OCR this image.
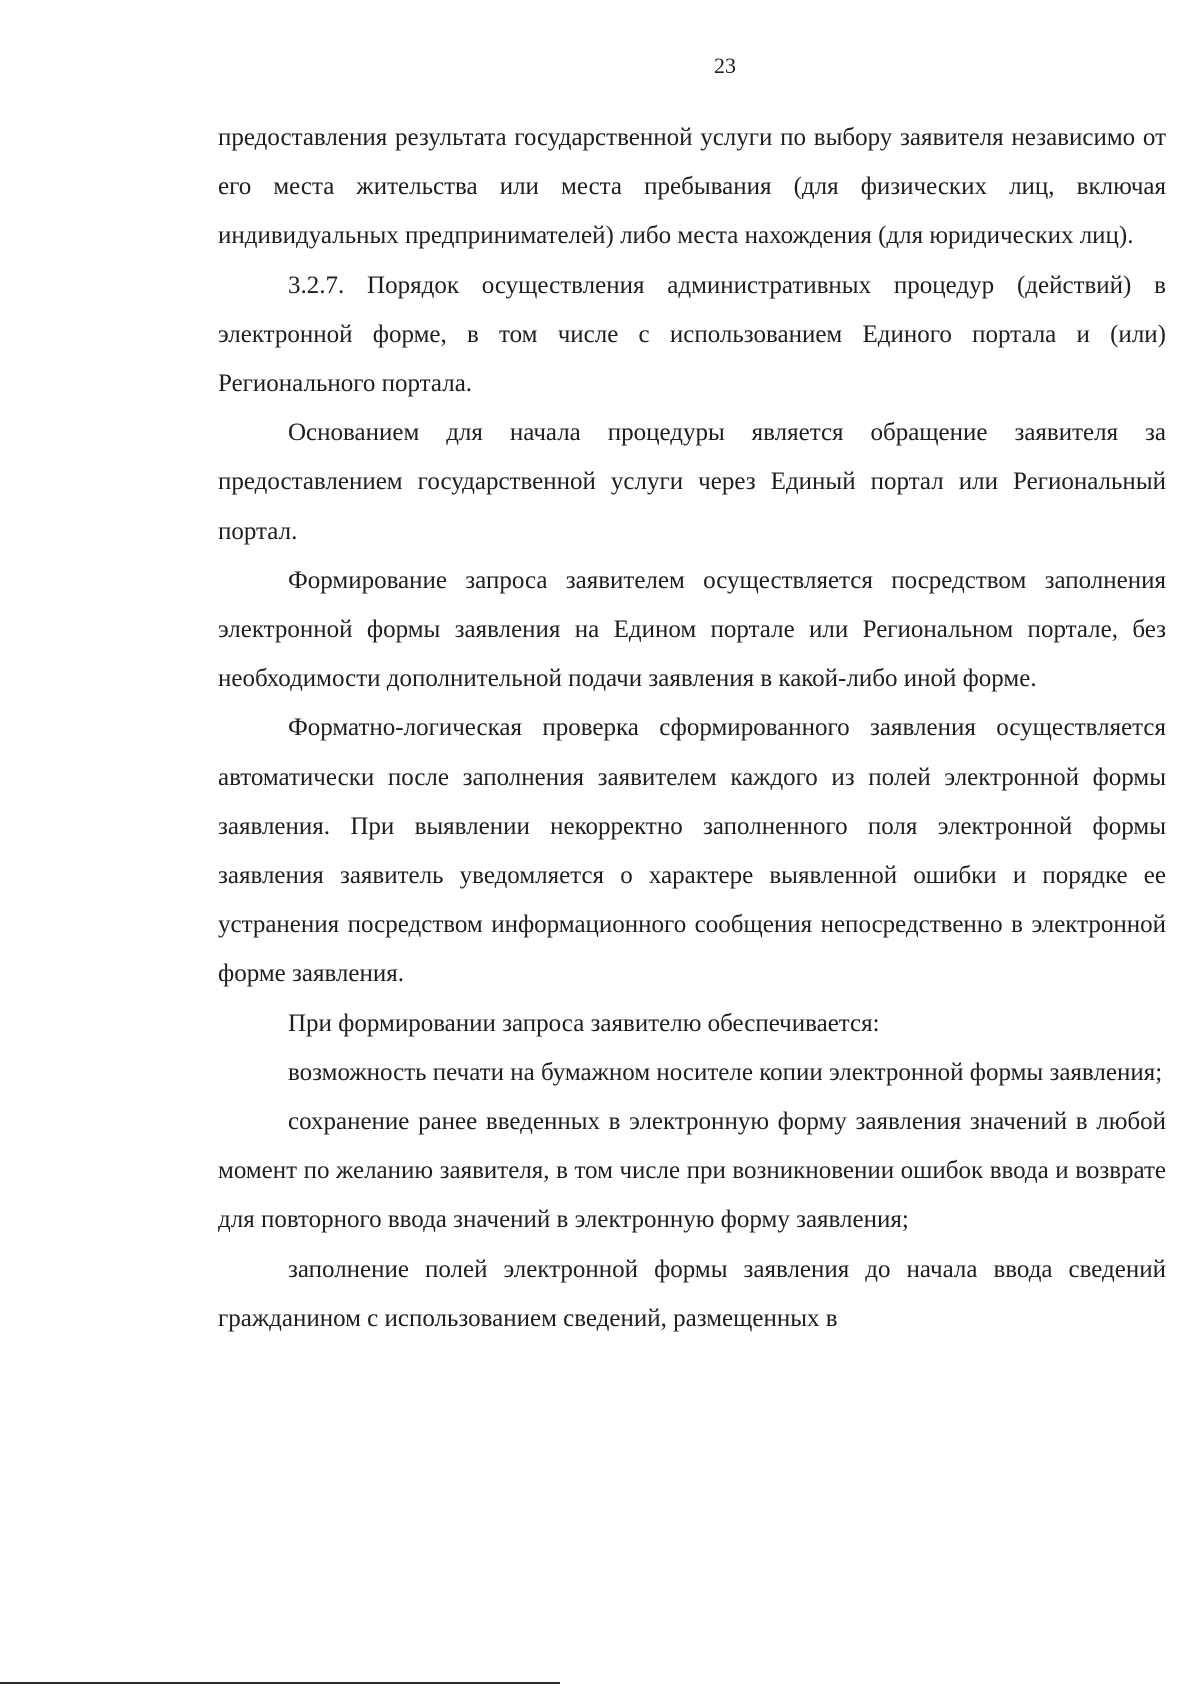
23

предоставления результата государственной услуги по выбору заявителя независимо от его места жительства или места пребывания (для физических лиц, включая индивидуальных предпринимателей) либо места нахождения (для юридических лиц).

3.2.7. Порядок осуществления административных процедур (действий) в электронной форме, в том числе с использованием Единого портала и (или) Регионального портала.

Основанием для начала процедуры является обращение заявителя за предоставлением государственной услуги через Единый портал или Региональный портал.

Формирование запроса заявителем осуществляется посредством заполнения электронной формы заявления на Едином портале или Региональном портале, без необходимости дополнительной подачи заявления в какой-либо иной форме.

Форматно-логическая проверка сформированного заявления осуществляется автоматически после заполнения заявителем каждого из полей электронной формы заявления. При выявлении некорректно заполненного поля электронной формы заявления заявитель уведомляется о характере выявленной ошибки и порядке ее устранения посредством информационного сообщения непосредственно в электронной форме заявления.

При формировании запроса заявителю обеспечивается:

возможность печати на бумажном носителе копии электронной формы заявления;

сохранение ранее введенных в электронную форму заявления значений в любой момент по желанию заявителя, в том числе при возникновении ошибок ввода и возврате для повторного ввода значений в электронную форму заявления;

заполнение полей электронной формы заявления до начала ввода сведений гражданином с использованием сведений, размещенных в
